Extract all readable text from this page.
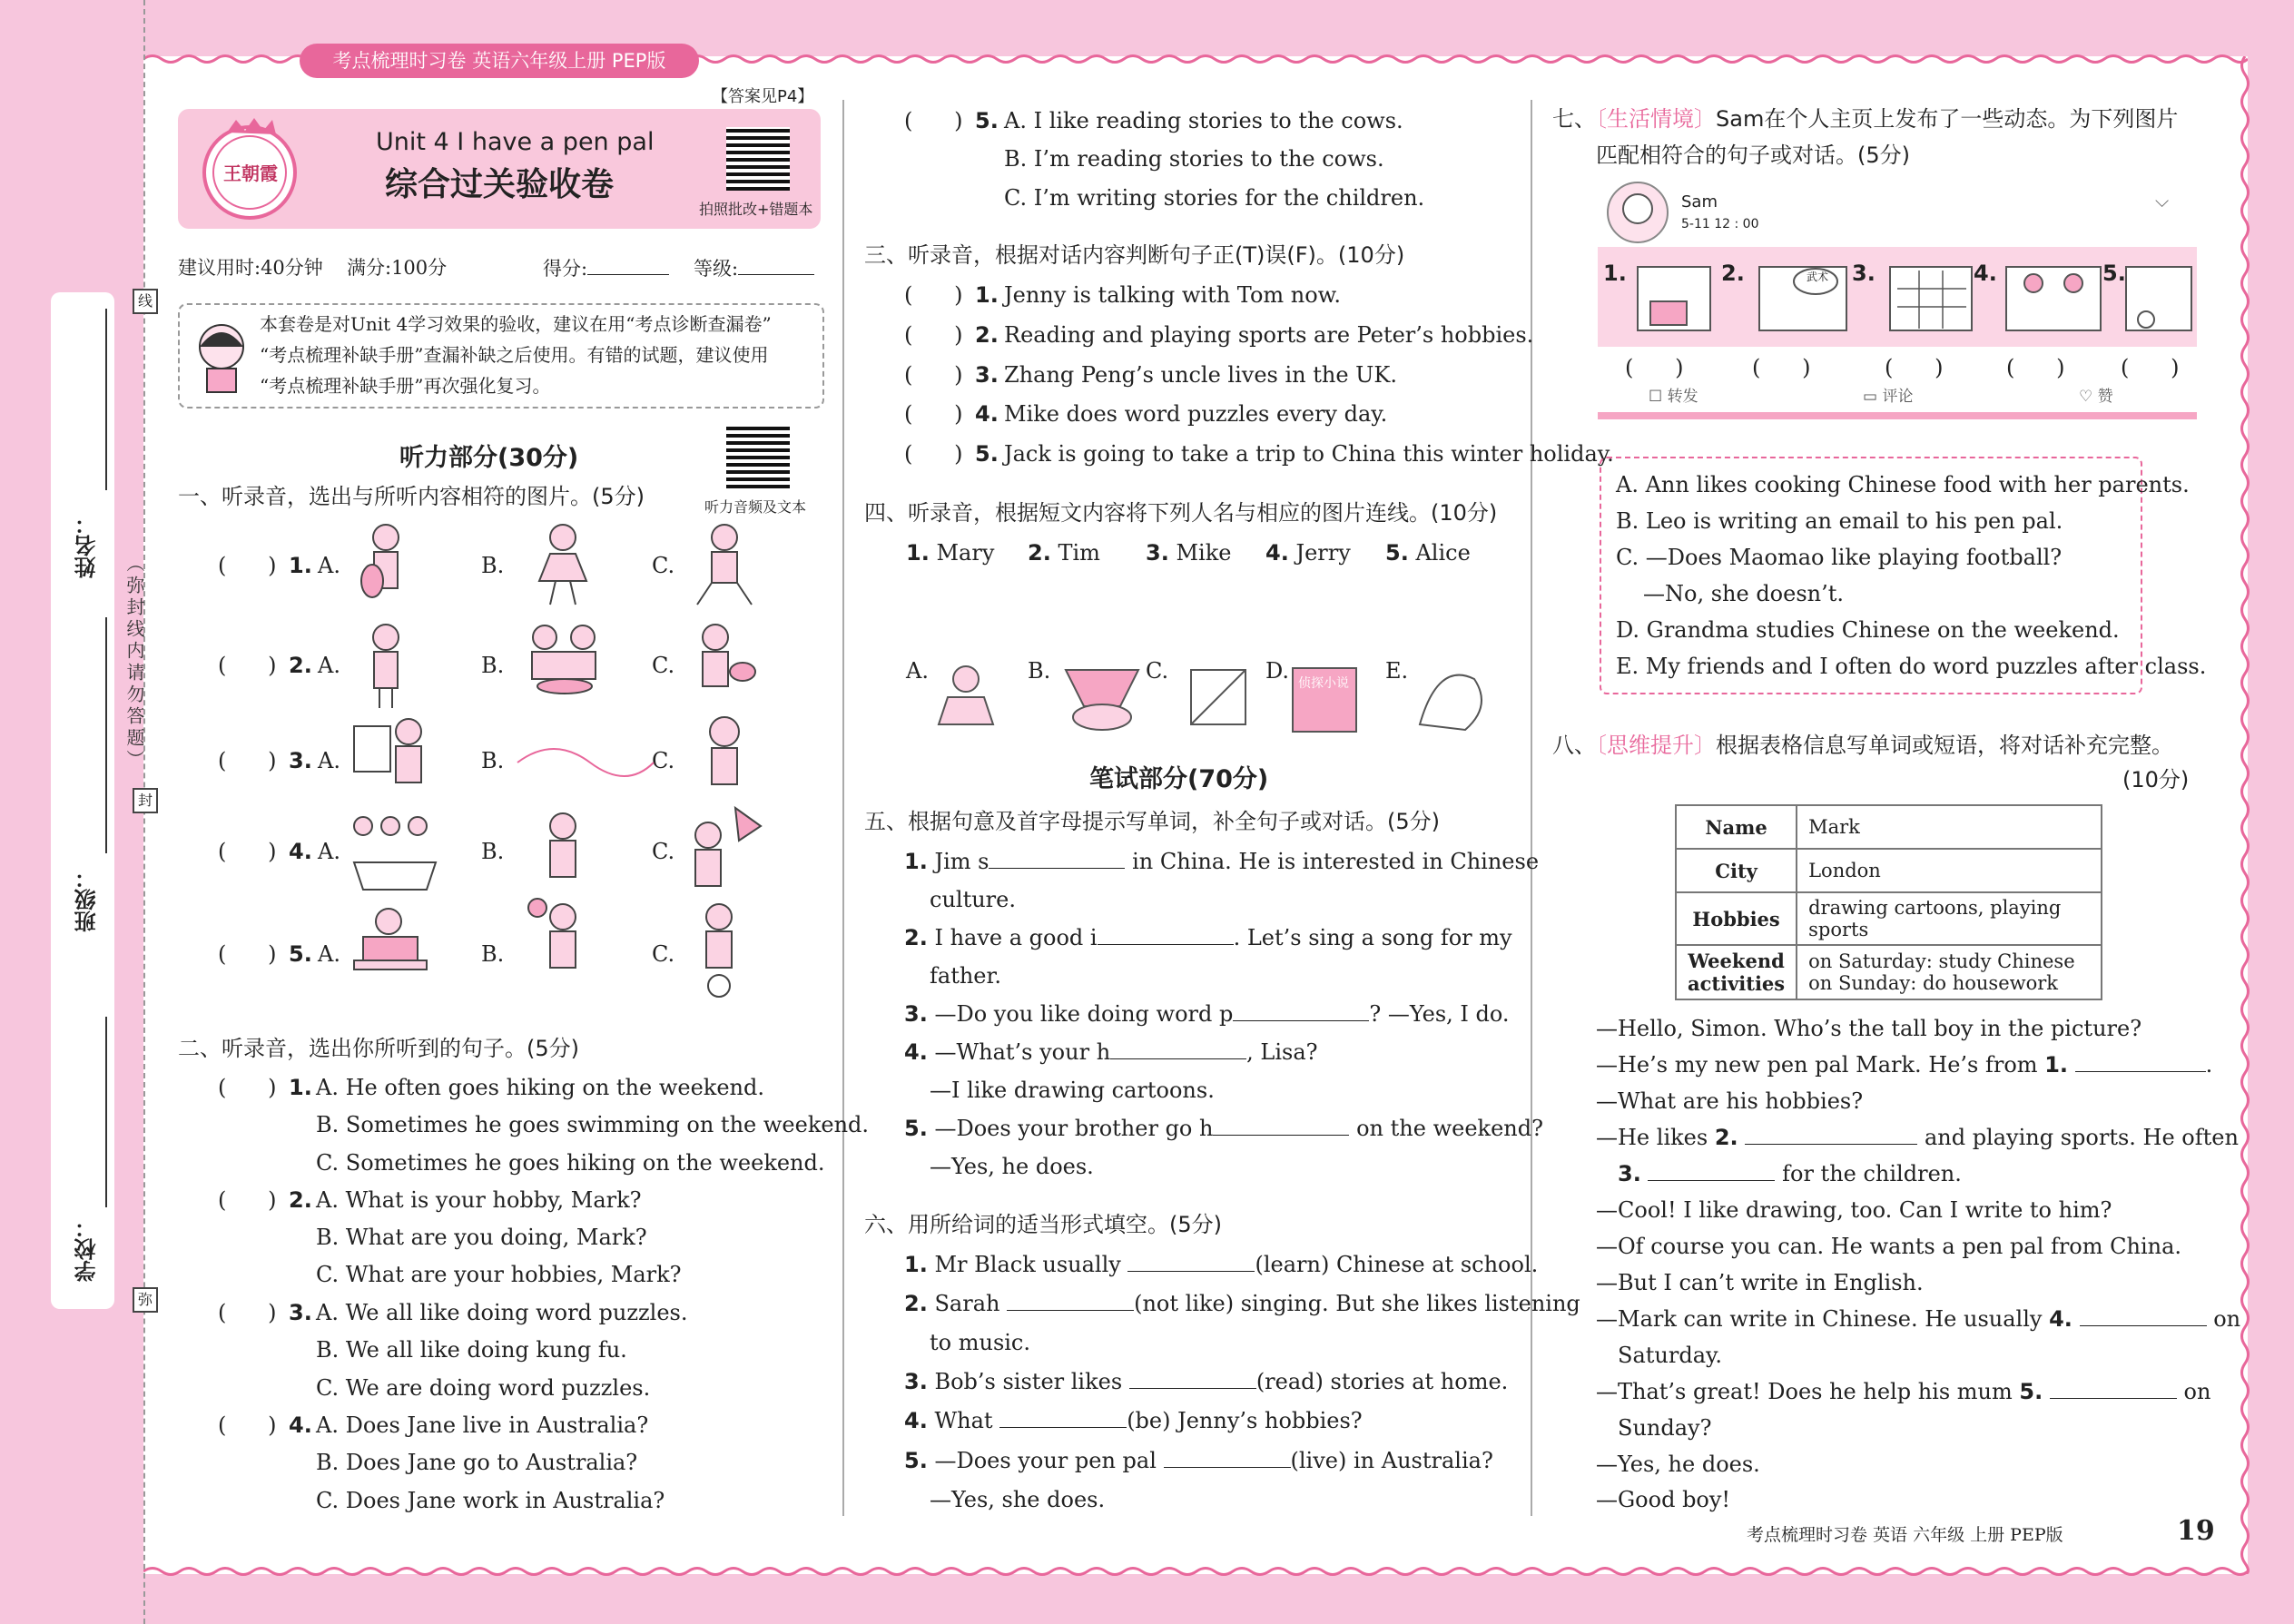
考点梳理时习卷 英语六年级上册 PEP版
姓名：
班级：
学校：
（弥封线内请勿答题）
线
封
弥
【答案见P4】
王朝霞
Unit 4 I have a pen pal
综合过关验收卷
拍照批改+错题本
建议用时:40分钟 满分:100分	得分:	等级:
本套卷是对Unit 4学习效果的验收，建议在用“考点诊断查漏卷”
“考点梳理补缺手册”查漏补缺之后使用。有错的试题，建议使用
“考点梳理补缺手册”再次强化复习。
听力部分(30分)
听力音频及文本
一、听录音，选出与所听内容相符的图片。(5分)
(      ) 1. A.	B.	C.
(      ) 2. A.	B.	C.
(      ) 3. A.	B.	C.
(      ) 4. A.	B.	C.
(      ) 5. A.	B.	C.
二、听录音，选出你所听到的句子。(5分)
(      ) 1. A. He often goes hiking on the weekend.
B. Sometimes he goes swimming on the weekend.
C. Sometimes he goes hiking on the weekend.
(      ) 2. A. What is your hobby, Mark?
B. What are you doing, Mark?
C. What are your hobbies, Mark?
(      ) 3. A. We all like doing word puzzles.
B. We all like doing kung fu.
C. We are doing word puzzles.
(      ) 4. A. Does Jane live in Australia?
B. Does Jane go to Australia?
C. Does Jane work in Australia?
(      ) 5. A. I like reading stories to the cows.
B. I’m reading stories to the cows.
C. I’m writing stories for the children.
三、听录音，根据对话内容判断句子正(T)误(F)。(10分)
(      ) 1. Jenny is talking with Tom now.
(      ) 2. Reading and playing sports are Peter’s hobbies.
(      ) 3. Zhang Peng’s uncle lives in the UK.
(      ) 4. Mike does word puzzles every day.
(      ) 5. Jack is going to take a trip to China this winter holiday.
四、听录音，根据短文内容将下列人名与相应的图片连线。(10分)
1. Mary 2. Tim 3. Mike 4. Jerry 5. Alice
A.	B.	C.	D.	E.
侦探小说
笔试部分(70分)
五、根据句意及首字母提示写单词，补全句子或对话。(5分)
1. Jim s	in China. He is interested in Chinese
culture.
2. I have a good i	. Let’s sing a song for my
father.
3. —Do you like doing word p	? —Yes, I do.
4. —What’s your h	, Lisa?
—I like drawing cartoons.
5. —Does your brother go h	on the weekend?
—Yes, he does.
六、用所给词的适当形式填空。(5分)
1. Mr Black usually	(learn) Chinese at school.
2. Sarah	(not like) singing. But she likes listening
to music.
3. Bob’s sister likes	(read) stories at home.
4. What	(be) Jenny’s hobbies?
5. —Does your pen pal	(live) in Australia?
—Yes, she does.
七、〔生活情境〕Sam在个人主页上发布了一些动态。为下列图片
匹配相符合的句子或对话。(5分)
Sam
5-11 12 : 00
⌵
1.	2.	3.	4.	5.
武术
(      )	(      )	(      )	(      )	(      )
☐ 转发	▭ 评论	♡ 赞
A. Ann likes cooking Chinese food with her parents.
B. Leo is writing an email to his pen pal.
C. —Does Maomao like playing football?
—No, she doesn’t.
D. Grandma studies Chinese on the weekend.
E. My friends and I often do word puzzles after class.
八、〔思维提升〕根据表格信息写单词或短语，将对话补充完整。
(10分)
Name	Mark
City	London
Hobbies	drawing cartoons, playing sports
Weekend activities	on Saturday: study Chinese
on Sunday: do housework
—Hello, Simon. Who’s the tall boy in the picture?
—He’s my new pen pal Mark. He’s from 1.	.
—What are his hobbies?
—He likes 2.	and playing sports. He often
3.	for the children.
—Cool! I like drawing, too. Can I write to him?
—Of course you can. He wants a pen pal from China.
—But I can’t write in English.
—Mark can write in Chinese. He usually 4.	on
Saturday.
—That’s great! Does he help his mum 5.	on
Sunday?
—Yes, he does.
—Good boy!
考点梳理时习卷 英语 六年级 上册 PEP版	19
